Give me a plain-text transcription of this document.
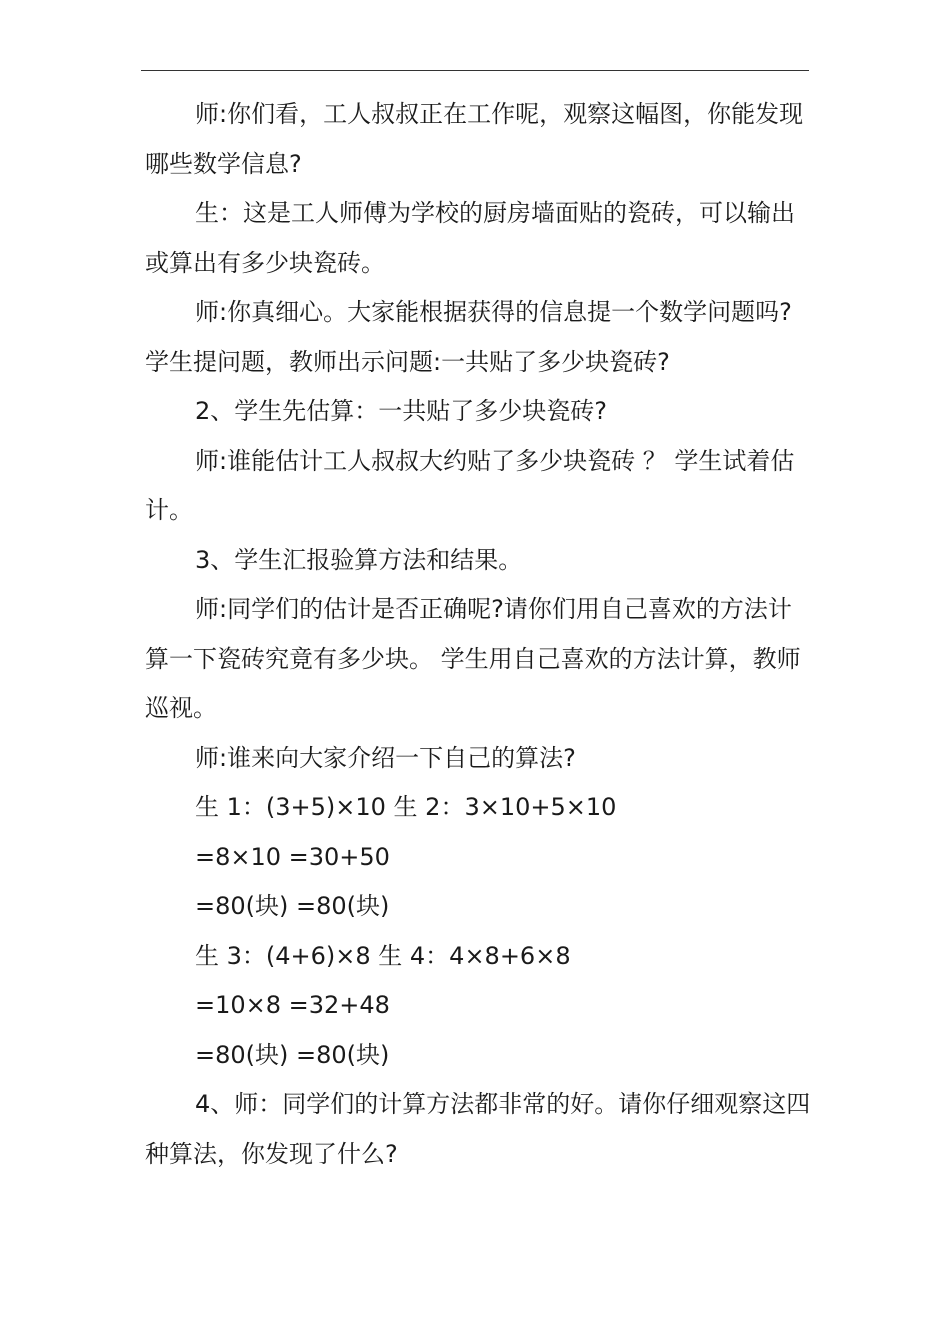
师:你们看，工人叔叔正在工作呢，观察这幅图，你能发现哪些数学信息?

生：这是工人师傅为学校的厨房墙面贴的瓷砖，可以输出或算出有多少块瓷砖。

师:你真细心。大家能根据获得的信息提一个数学问题吗?学生提问题，教师出示问题:一共贴了多少块瓷砖?

2、学生先估算：一共贴了多少块瓷砖?

师:谁能估计工人叔叔大约贴了多少块瓷砖 ？ 学生试着估计。

3、学生汇报验算方法和结果。

师:同学们的估计是否正确呢?请你们用自己喜欢的方法计算一下瓷砖究竟有多少块。 学生用自己喜欢的方法计算，教师巡视。

师:谁来向大家介绍一下自己的算法?

生 1：(3+5)×10 生 2：3×10+5×10

=8×10 =30+50

=80(块) =80(块)

生 3：(4+6)×8 生 4：4×8+6×8

=10×8 =32+48

=80(块) =80(块)

4、师：同学们的计算方法都非常的好。请你仔细观察这四种算法，你发现了什么?
